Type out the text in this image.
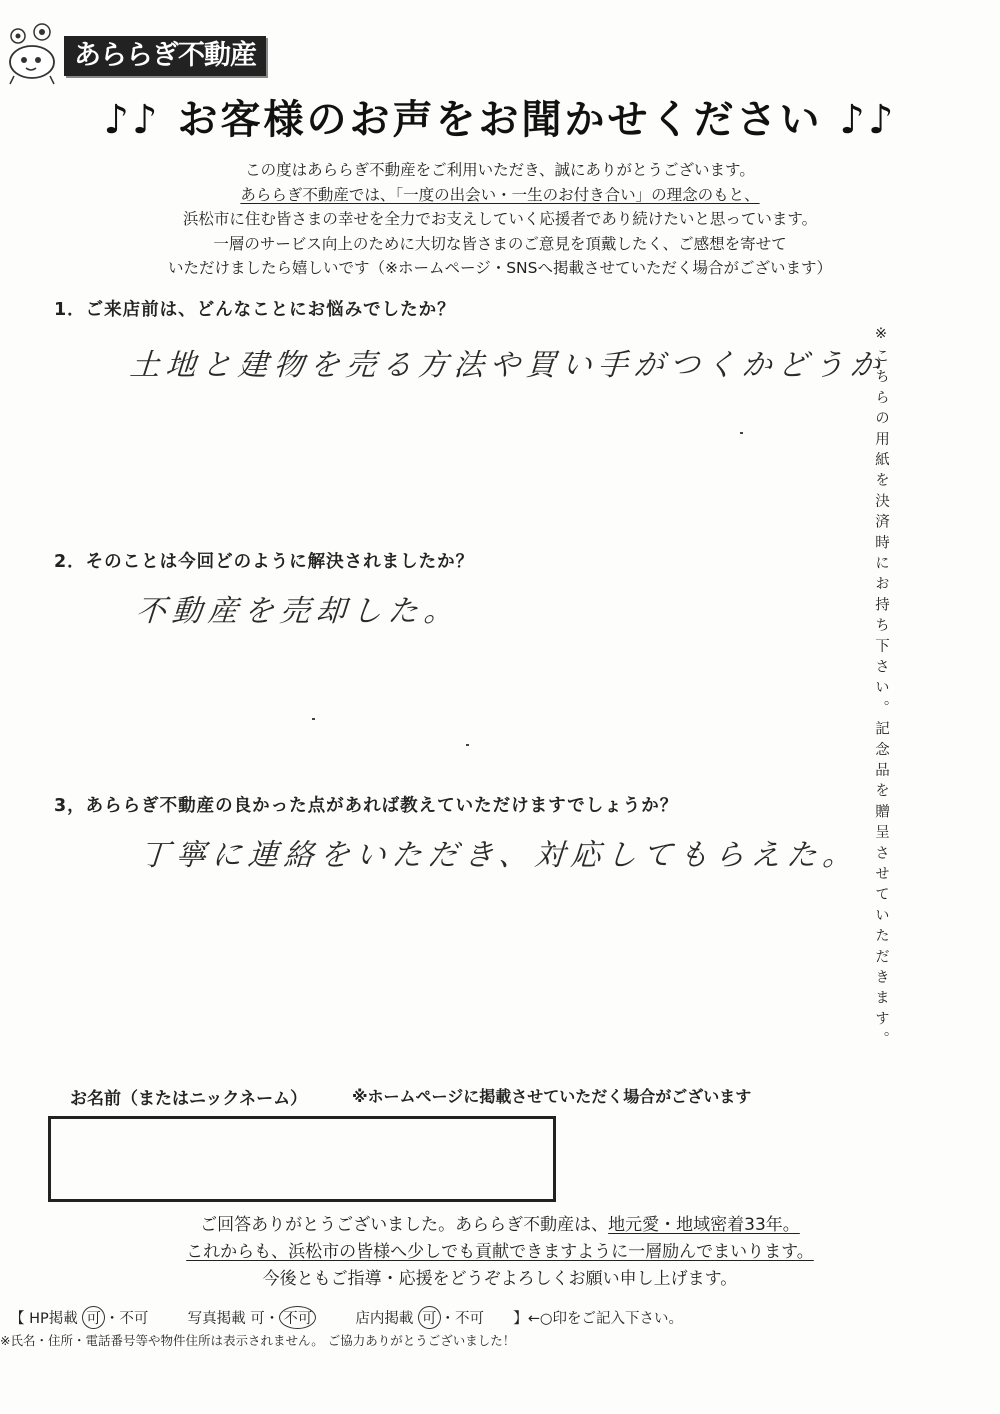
あららぎ不動産
♪♪ お客様のお声をお聞かせください ♪♪
この度はあららぎ不動産をご利用いただき、誠にありがとうございます。
あららぎ不動産では、「一度の出会い・一生のお付き合い」の理念のもと、
浜松市に住む皆さまの幸せを全力でお支えしていく応援者であり続けたいと思っています。
一層のサービス向上のために大切な皆さまのご意見を頂戴したく、ご感想を寄せて
いただけましたら嬉しいです（※ホームページ・SNSへ掲載させていただく場合がございます）
1．ご来店前は、どんなことにお悩みでしたか？
土地と建物を売る方法や買い手がつくかどうか
2．そのことは今回どのように解決されましたか？
不動産を売却した。
3，あららぎ不動産の良かった点があれば教えていただけますでしょうか？
丁寧に連絡をいただき、対応してもらえた。 ※こちらの用紙を決済時にお持ち下さい。記念品を贈呈させていただきます。
お名前（またはニックネーム）	※ホームページに掲載させていただく場合がございます
ご回答ありがとうございました。あららぎ不動産は、地元愛・地域密着33年。
これからも、浜松市の皆様へ少しでも貢献できますように一層励んでまいります。
今後ともご指導・応援をどうぞよろしくお願い申し上げます。
【 HP掲載 可 ・不可	写真掲載 可・ 不可	店内掲載 可 ・不可 】←○印をご記入下さい。
※氏名・住所・電話番号等や物件住所は表示されません。 ご協力ありがとうございました！
